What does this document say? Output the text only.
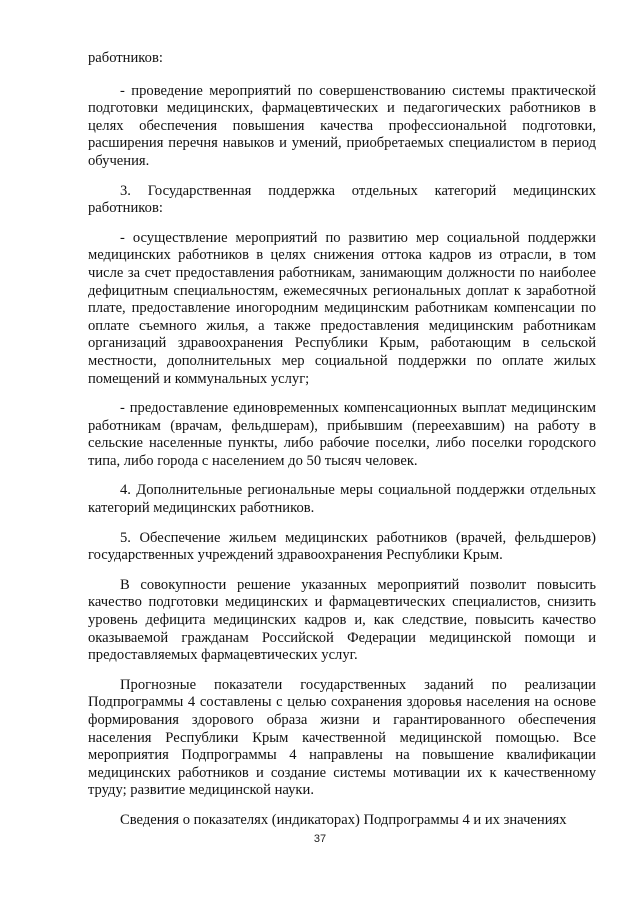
работников:

- проведение мероприятий по совершенствованию системы практической подготовки медицинских, фармацевтических и педагогических работников в целях обеспечения повышения качества профессиональной подготовки, расширения перечня навыков и умений, приобретаемых специалистом в период обучения.

3. Государственная поддержка отдельных категорий медицинских работников:

- осуществление мероприятий по развитию мер социальной поддержки медицинских работников в целях снижения оттока кадров из отрасли, в том числе за счет предоставления работникам, занимающим должности по наиболее дефицитным специальностям, ежемесячных региональных доплат к заработной плате, предоставление иногородним медицинским работникам компенсации по оплате съемного жилья, а также предоставления медицинским работникам организаций здравоохранения Республики Крым, работающим в сельской местности, дополнительных мер социальной поддержки по оплате жилых помещений и коммунальных услуг;

- предоставление единовременных компенсационных выплат медицинским работникам (врачам, фельдшерам), прибывшим (переехавшим) на работу в сельские населенные пункты, либо рабочие поселки, либо поселки городского типа, либо города с населением до 50 тысяч человек.

4. Дополнительные региональные меры социальной поддержки отдельных категорий медицинских работников.

5. Обеспечение жильем медицинских работников (врачей, фельдшеров) государственных учреждений здравоохранения Республики Крым.

В совокупности решение указанных мероприятий позволит повысить качество подготовки медицинских и фармацевтических специалистов, снизить уровень дефицита медицинских кадров и, как следствие, повысить качество оказываемой гражданам Российской Федерации медицинской помощи и предоставляемых фармацевтических услуг.

Прогнозные показатели государственных заданий по реализации Подпрограммы 4 составлены с целью сохранения здоровья населения на основе формирования здорового образа жизни и гарантированного обеспечения населения Республики Крым качественной медицинской помощью. Все мероприятия Подпрограммы 4 направлены на повышение квалификации медицинских работников и создание системы мотивации их к качественному труду; развитие медицинской науки.

Сведения о показателях (индикаторах) Подпрограммы 4 и их значениях

37
